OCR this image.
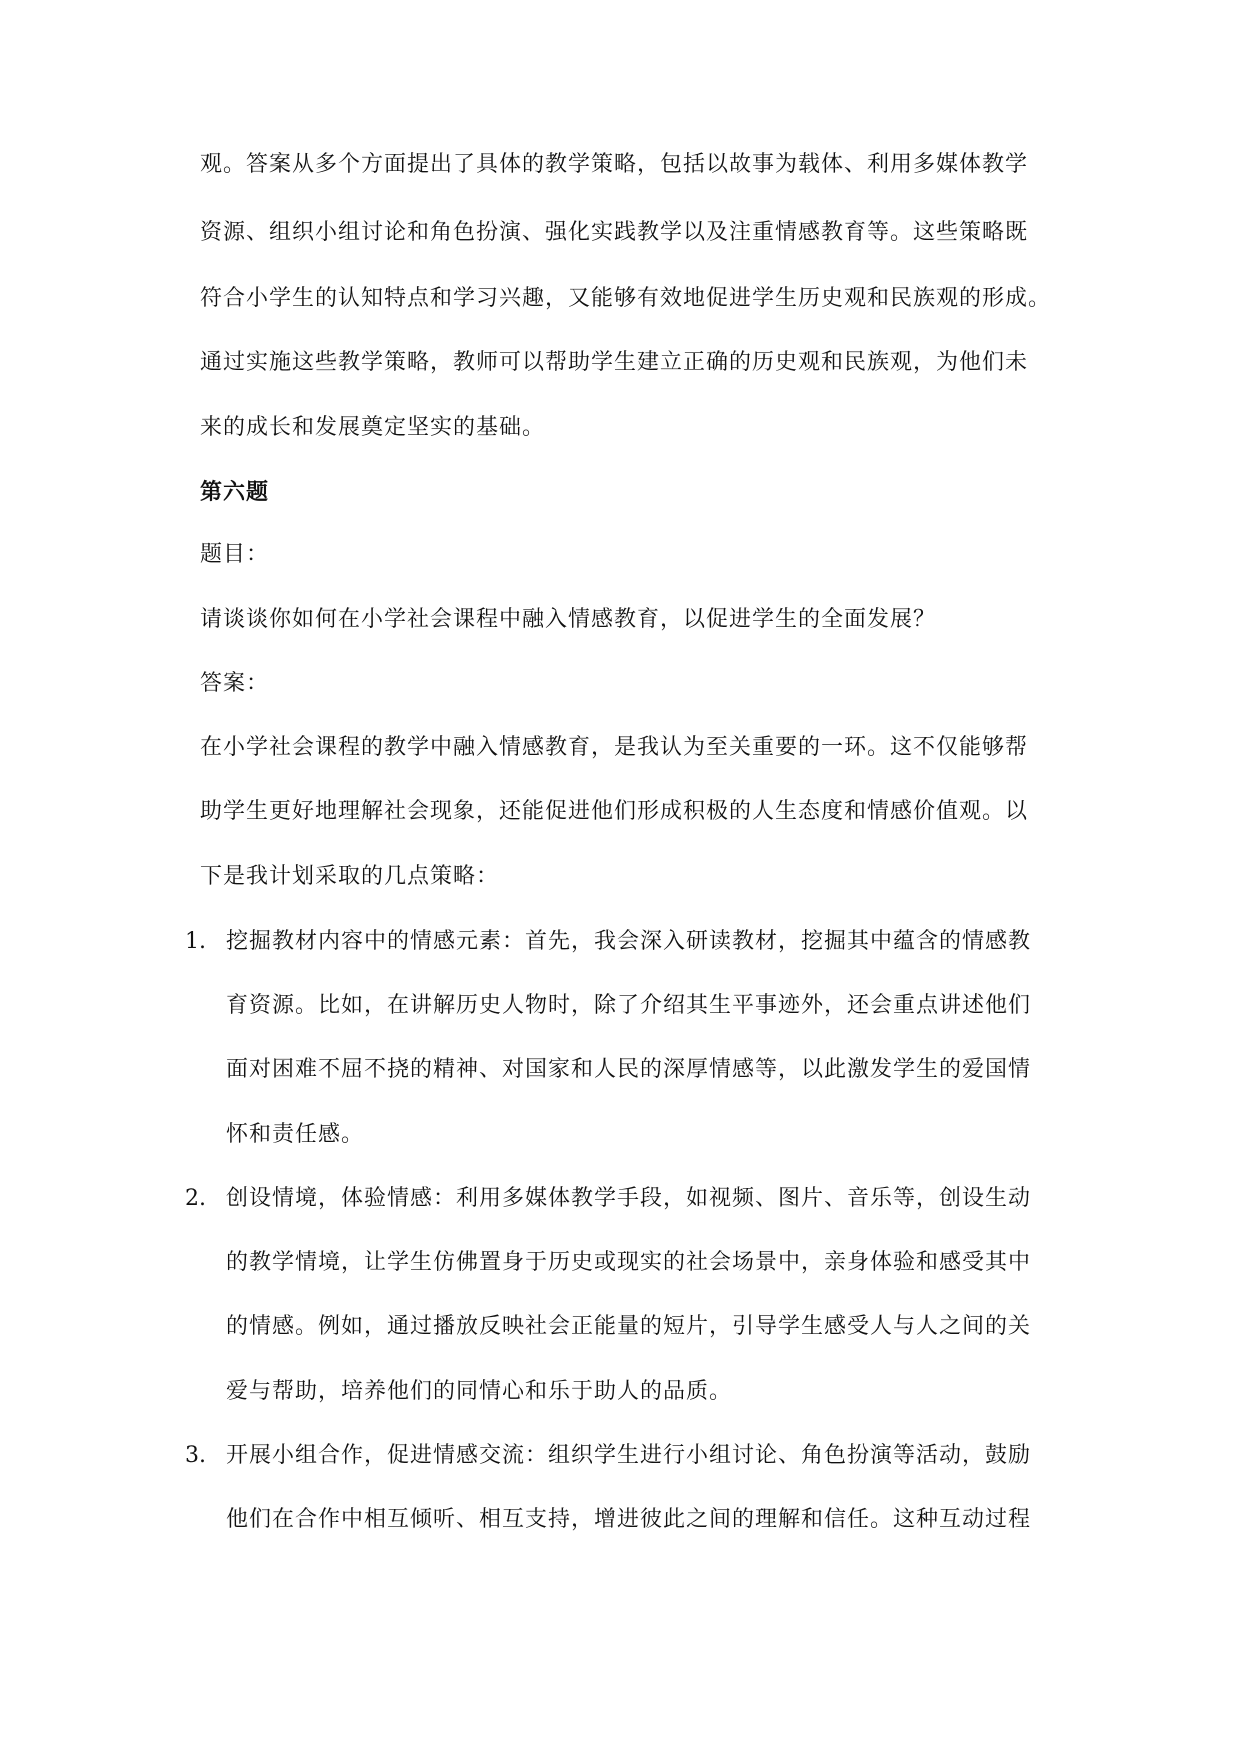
观。答案从多个方面提出了具体的教学策略，包括以故事为载体、利用多媒体教学
资源、组织小组讨论和角色扮演、强化实践教学以及注重情感教育等。这些策略既
符合小学生的认知特点和学习兴趣，又能够有效地促进学生历史观和民族观的形成。
通过实施这些教学策略，教师可以帮助学生建立正确的历史观和民族观，为他们未
来的成长和发展奠定坚实的基础。
第六题
题目：
请谈谈你如何在小学社会课程中融入情感教育，以促进学生的全面发展？
答案：
在小学社会课程的教学中融入情感教育，是我认为至关重要的一环。这不仅能够帮
助学生更好地理解社会现象，还能促进他们形成积极的人生态度和情感价值观。以
下是我计划采取的几点策略：
1. 挖掘教材内容中的情感元素：首先，我会深入研读教材，挖掘其中蕴含的情感教
育资源。比如，在讲解历史人物时，除了介绍其生平事迹外，还会重点讲述他们
面对困难不屈不挠的精神、对国家和人民的深厚情感等，以此激发学生的爱国情
怀和责任感。
2. 创设情境，体验情感：利用多媒体教学手段，如视频、图片、音乐等，创设生动
的教学情境，让学生仿佛置身于历史或现实的社会场景中，亲身体验和感受其中
的情感。例如，通过播放反映社会正能量的短片，引导学生感受人与人之间的关
爱与帮助，培养他们的同情心和乐于助人的品质。
3. 开展小组合作，促进情感交流：组织学生进行小组讨论、角色扮演等活动，鼓励
他们在合作中相互倾听、相互支持，增进彼此之间的理解和信任。这种互动过程
